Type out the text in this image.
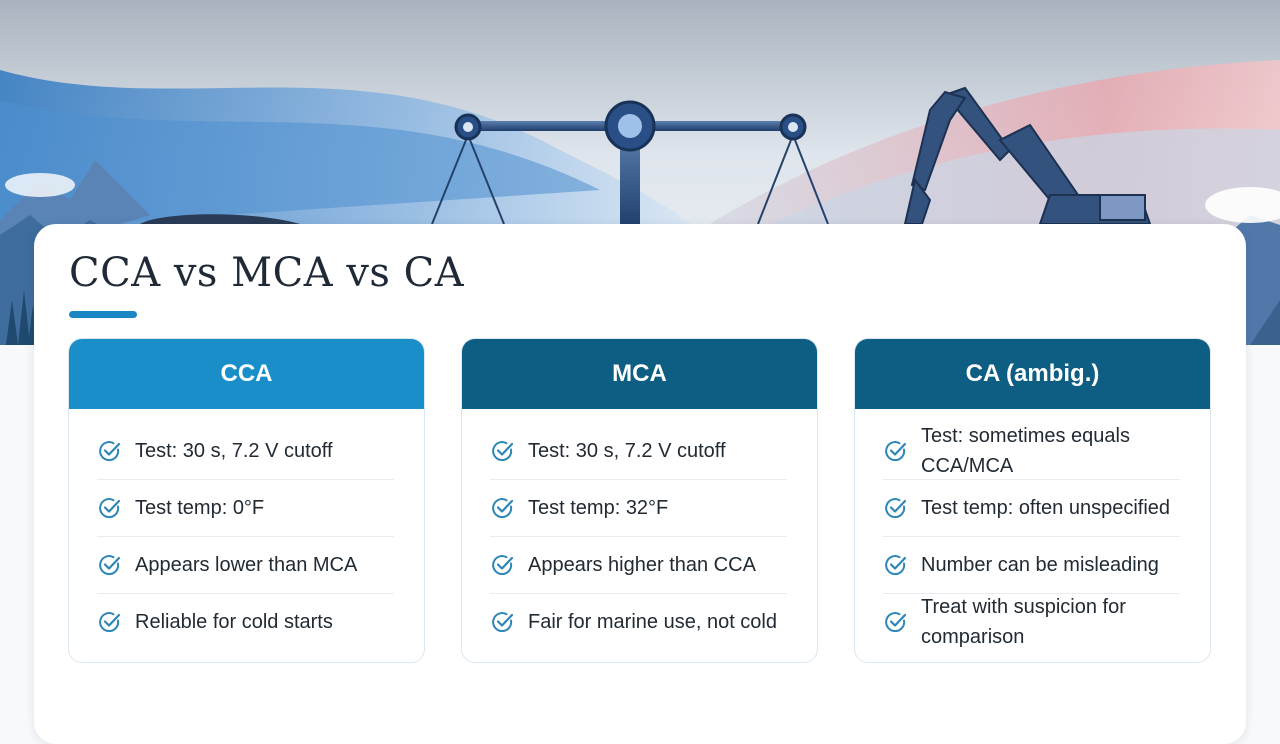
CCA vs MCA vs CA
CCA
Test: 30 s, 7.2 V cutoff
Test temp: 0°F
Appears lower than MCA
Reliable for cold starts
MCA
Test: 30 s, 7.2 V cutoff
Test temp: 32°F
Appears higher than CCA
Fair for marine use, not cold
CA (ambig.)
Test: sometimes equals CCA/MCA
Test temp: often unspecified
Number can be misleading
Treat with suspicion for comparison
